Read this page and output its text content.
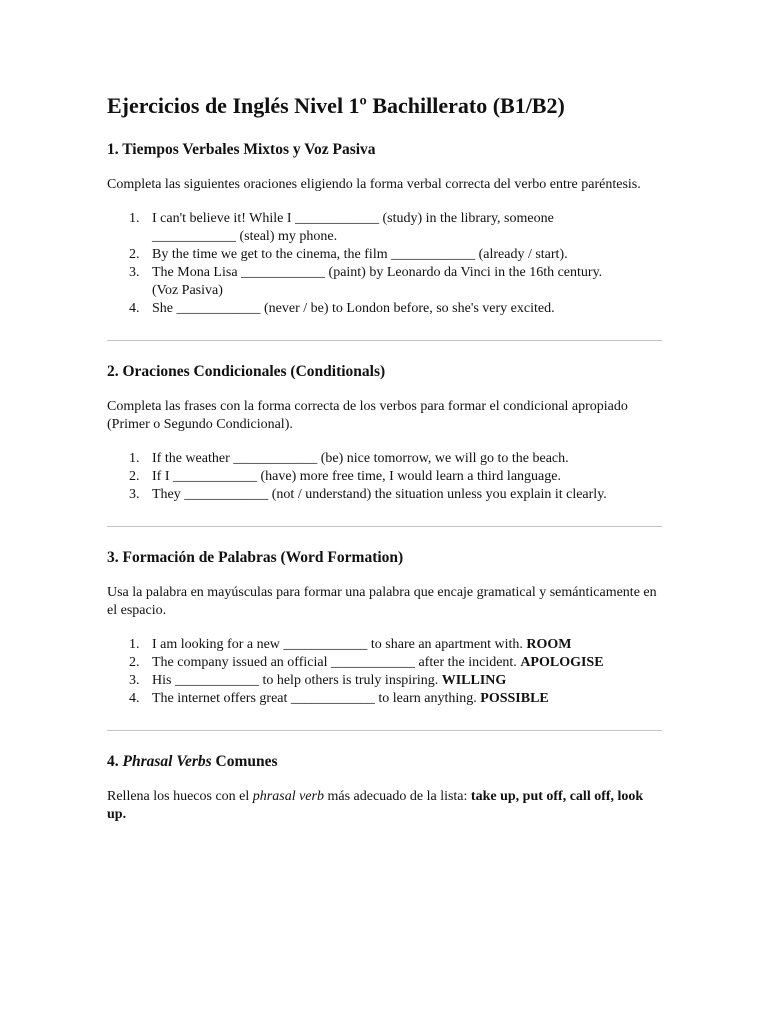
Ejercicios de Inglés Nivel 1º Bachillerato (B1/B2)
1. Tiempos Verbales Mixtos y Voz Pasiva

Completa las siguientes oraciones eligiendo la forma verbal correcta del verbo entre paréntesis.

1. I can't believe it! While I ____________ (study) in the library, someone
____________ (steal) my phone.
2. By the time we get to the cinema, the film ____________ (already / start).
3. The Mona Lisa ____________ (paint) by Leonardo da Vinci in the 16th century.
(Voz Pasiva)
4. She ____________ (never / be) to London before, so she's very excited.
2. Oraciones Condicionales (Conditionals)

Completa las frases con la forma correcta de los verbos para formar el condicional apropiado (Primer o Segundo Condicional).

1. If the weather ____________ (be) nice tomorrow, we will go to the beach.
2. If I ____________ (have) more free time, I would learn a third language.
3. They ____________ (not / understand) the situation unless you explain it clearly.
3. Formación de Palabras (Word Formation)

Usa la palabra en mayúsculas para formar una palabra que encaje gramatical y semánticamente en el espacio.

1. I am looking for a new ____________ to share an apartment with. ROOM
2. The company issued an official ____________ after the incident. APOLOGISE
3. His ____________ to help others is truly inspiring. WILLING
4. The internet offers great ____________ to learn anything. POSSIBLE
4. Phrasal Verbs Comunes

Rellena los huecos con el phrasal verb más adecuado de la lista: take up, put off, call off, look up.
